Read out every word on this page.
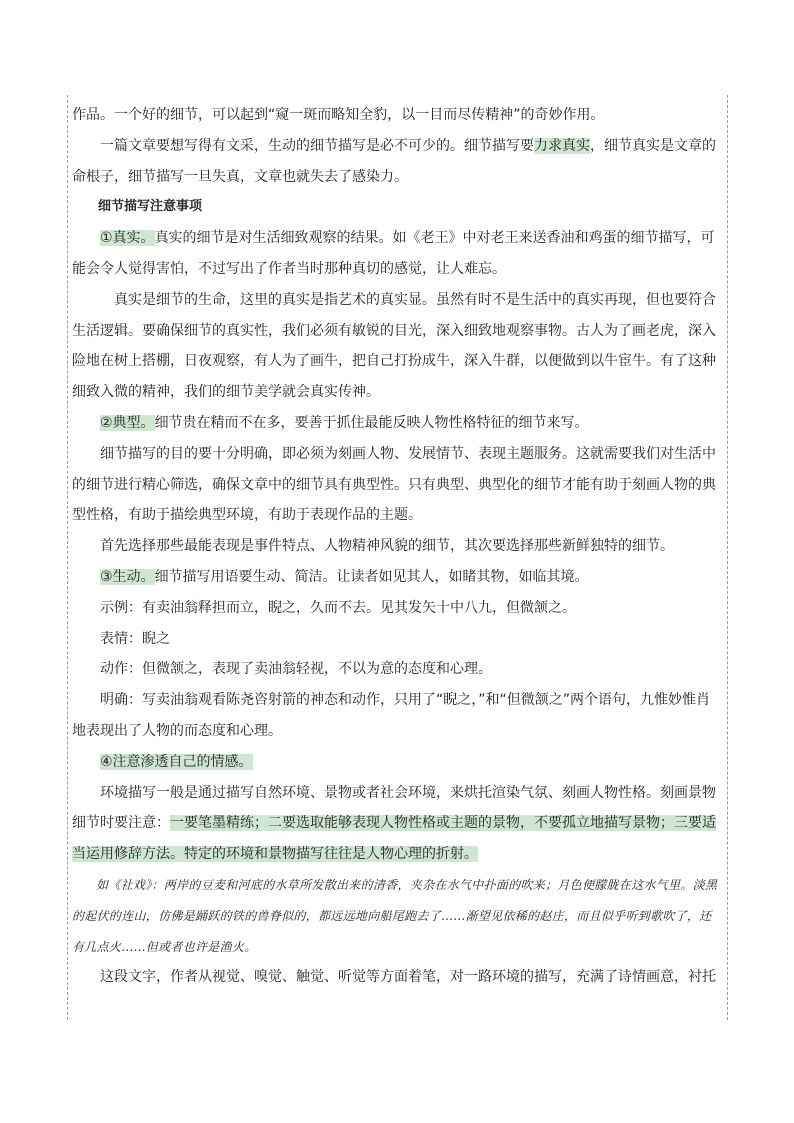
作品。一个好的细节，可以起到“窥一斑而略知全豹，以一目而尽传精神”的奇妙作用。

一篇文章要想写得有文采，生动的细节描写是必不可少的。细节描写要力求真实，细节真实是文章的命根子，细节描写一旦失真，文章也就失去了感染力。

细节描写注意事项

①真实。真实的细节是对生活细致观察的结果。如《老王》中对老王来送香油和鸡蛋的细节描写，可能会令人觉得害怕，不过写出了作者当时那种真切的感觉，让人难忘。

真实是细节的生命，这里的真实是指艺术的真实显。虽然有时不是生活中的真实再现，但也要符合生活逻辑。要确保细节的真实性，我们必须有敏锐的目光，深入细致地观察事物。古人为了画老虎，深入险地在树上搭棚，日夜观察，有人为了画牛，把自己打扮成牛，深入牛群，以便做到以牛宦牛。有了这种细致入微的精神，我们的细节美学就会真实传神。

②典型。细节贵在精而不在多，要善于抓住最能反映人物性格特征的细节来写。

细节描写的目的要十分明确，即必须为刻画人物、发展情节、表现主题服务。这就需要我们对生活中的细节进行精心筛选，确保文章中的细节具有典型性。只有典型、典型化的细节才能有助于刻画人物的典型性格，有助于描绘典型环境，有助于表现作品的主题。

首先选择那些最能表现是事件特点、人物精神风貌的细节，其次要选择那些新鲜独特的细节。

③生动。细节描写用语要生动、简洁。让读者如见其人，如睹其物，如临其境。

示例：有卖油翁释担而立，睨之，久而不去。见其发矢十中八九，但微颔之。

表情：睨之

动作：但微颔之，表现了卖油翁轻视，不以为意的态度和心理。

明确：写卖油翁观看陈尧咨射箭的神态和动作，只用了“睨之，”和“但微颔之”两个语句，九惟妙惟肖地表现出了人物的而态度和心理。

④注意渗透自己的情感。

环境描写一般是通过描写自然环境、景物或者社会环境，来烘托渲染气氛、刻画人物性格。刻画景物细节时要注意：一要笔墨精练；二要选取能够表现人物性格或主题的景物，不要孤立地描写景物；三要适当运用修辞方法。特定的环境和景物描写往往是人物心理的折射。

如《社戏》：两岸的豆麦和河底的水草所发散出来的清香，夹杂在水气中扑面的吹来；月色便朦胧在这水气里。淡黑的起伏的连山，仿佛是踊跃的铁的兽脊似的，都远远地向船尾跑去了……渐望见依稀的赵庄，而且似乎听到歌吹了，还有几点火……但或者也许是渔火。

这段文字，作者从视觉、嗅觉、触觉、听觉等方面着笔，对一路环境的描写，充满了诗情画意，衬托
